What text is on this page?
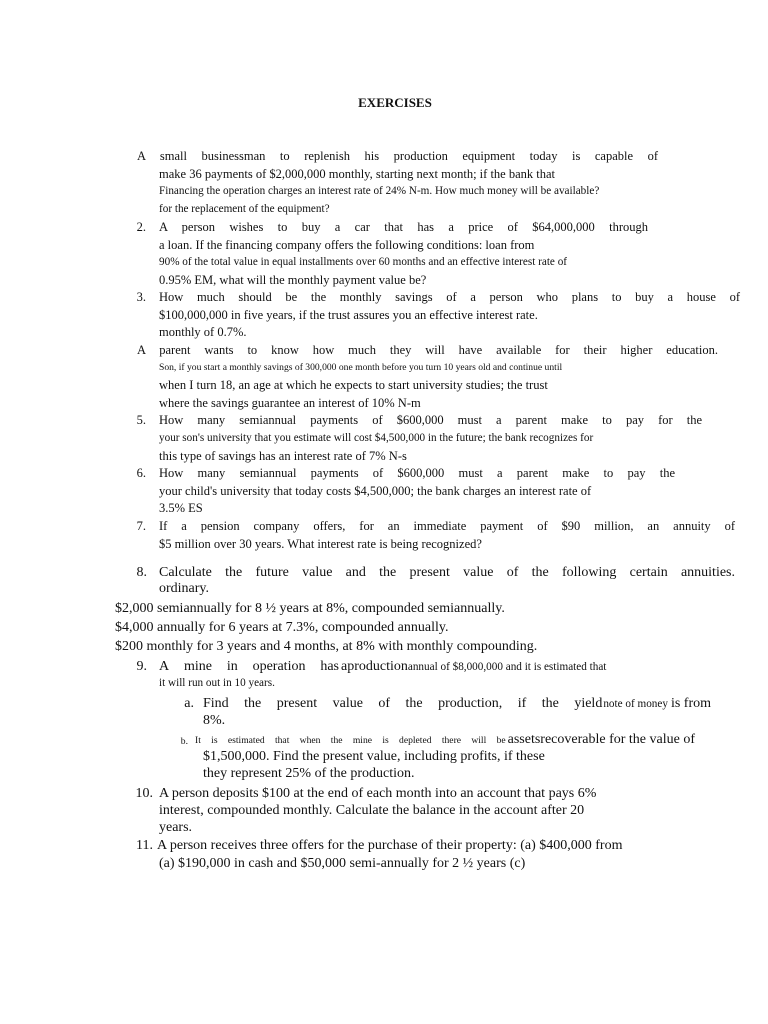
EXERCISES
A small businessman to replenish his production equipment today is capable of
make 36 payments of $2,000,000 monthly, starting next month; if the bank that
Financing the operation charges an interest rate of 24% N-m. How much money will be available?
for the replacement of the equipment?
2. A person wishes to buy a car that has a price of $64,000,000 through
a loan. If the financing company offers the following conditions: loan from
90% of the total value in equal installments over 60 months and an effective interest rate of
0.95% EM, what will the monthly payment value be?
3. How much should be the monthly savings of a person who plans to buy a house of
$100,000,000 in five years, if the trust assures you an effective interest rate.
monthly of 0.7%.
A parent wants to know how much they will have available for their higher education.
Son, if you start a monthly savings of 300,000 one month before you turn 10 years old and continue until
when I turn 18, an age at which he expects to start university studies; the trust
where the savings guarantee an interest of 10% N-m
5. How many semiannual payments of $600,000 must a parent make to pay for the
your son's university that you estimate will cost $4,500,000 in the future; the bank recognizes for
this type of savings has an interest rate of 7% N-s
6. How many semiannual payments of $600,000 must a parent make to pay the
your child's university that today costs $4,500,000; the bank charges an interest rate of
3.5% ES
7. If a pension company offers, for an immediate payment of $90 million, an annuity of
$5 million over 30 years. What interest rate is being recognized?
8. Calculate the future value and the present value of the following certain annuities.
ordinary.
$2,000 semiannually for 8 ½ years at 8%, compounded semiannually.
$4,000 annually for 6 years at 7.3%, compounded annually.
$200 monthly for 3 years and 4 months, at 8% with monthly compounding.
9. A mine in operation has aproductionannual of $8,000,000 and it is estimated that
it will run out in 10 years.
a. Find the present value of the production, if the yield note of money is from
8%.
b. It is estimated that when the mine is depleted there will be assetsrecoverable for the value of
$1,500,000. Find the present value, including profits, if these
they represent 25% of the production.
10. A person deposits $100 at the end of each month into an account that pays 6%
interest, compounded monthly. Calculate the balance in the account after 20
years.
11. A person receives three offers for the purchase of their property: (a) $400,000 from
(a) $190,000 in cash and $50,000 semi-annually for 2 ½ years (c)
